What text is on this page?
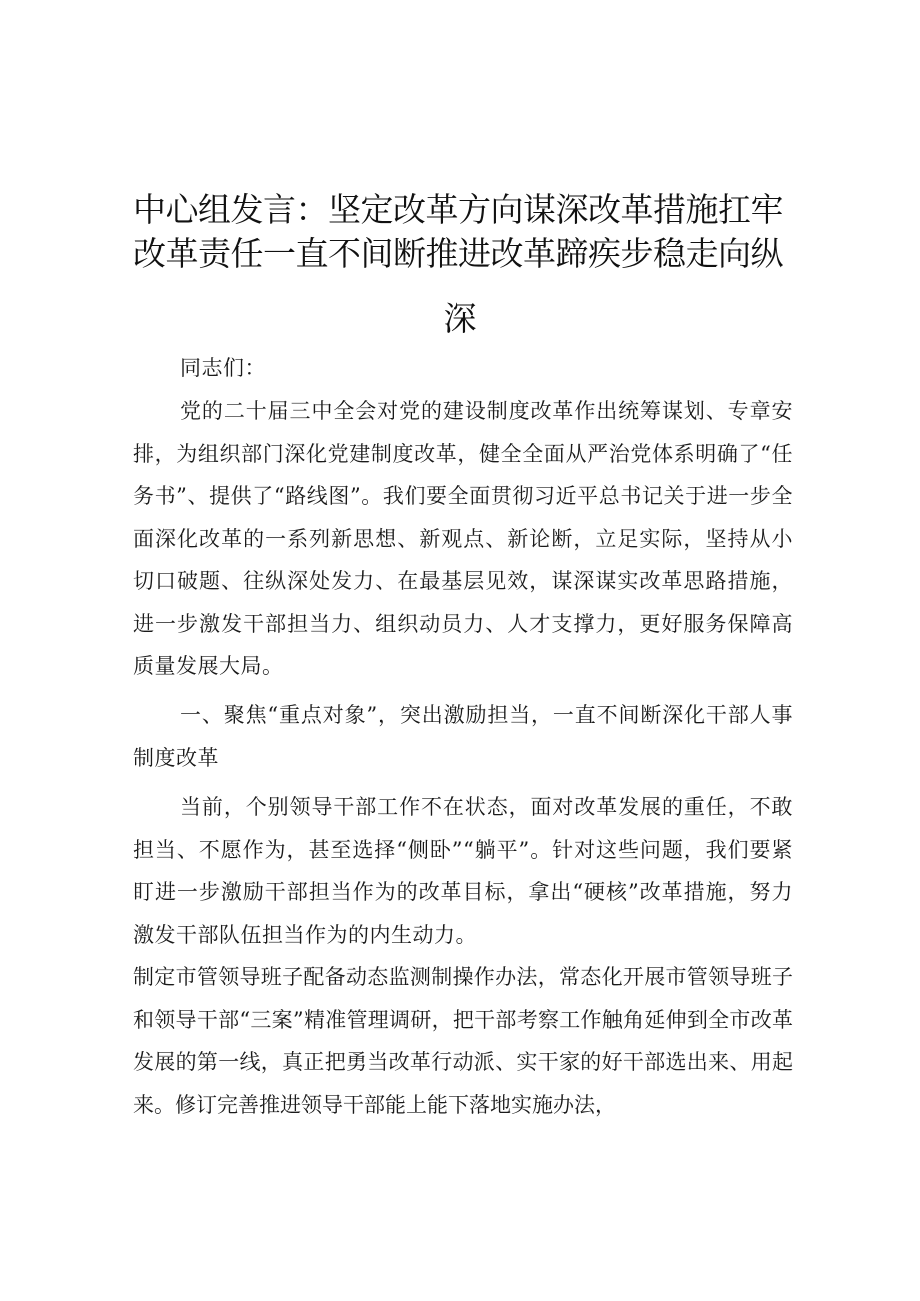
中心组发言：坚定改革方向谋深改革措施扛牢改革责任一直不间断推进改革蹄疾步稳走向纵
深

同志们：

党的二十届三中全会对党的建设制度改革作出统筹谋划、专章安排，为组织部门深化党建制度改革，健全全面从严治党体系明确了“任务书”、提供了“路线图”。我们要全面贯彻习近平总书记关于进一步全面深化改革的一系列新思想、新观点、新论断，立足实际，坚持从小切口破题、往纵深处发力、在最基层见效，谋深谋实改革思路措施，进一步激发干部担当力、组织动员力、人才支撑力，更好服务保障高质量发展大局。

一、聚焦“重点对象”，突出激励担当，一直不间断深化干部人事制度改革

当前，个别领导干部工作不在状态，面对改革发展的重任，不敢担当、不愿作为，甚至选择“侧卧”“躺平”。针对这些问题，我们要紧盯进一步激励干部担当作为的改革目标，拿出“硬核”改革措施，努力激发干部队伍担当作为的内生动力。

制定市管领导班子配备动态监测制操作办法，常态化开展市管领导班子和领导干部“三案”精准管理调研，把干部考察工作触角延伸到全市改革发展的第一线，真正把勇当改革行动派、实干家的好干部选出来、用起来。修订完善推进领导干部能上能下落地实施办法，
